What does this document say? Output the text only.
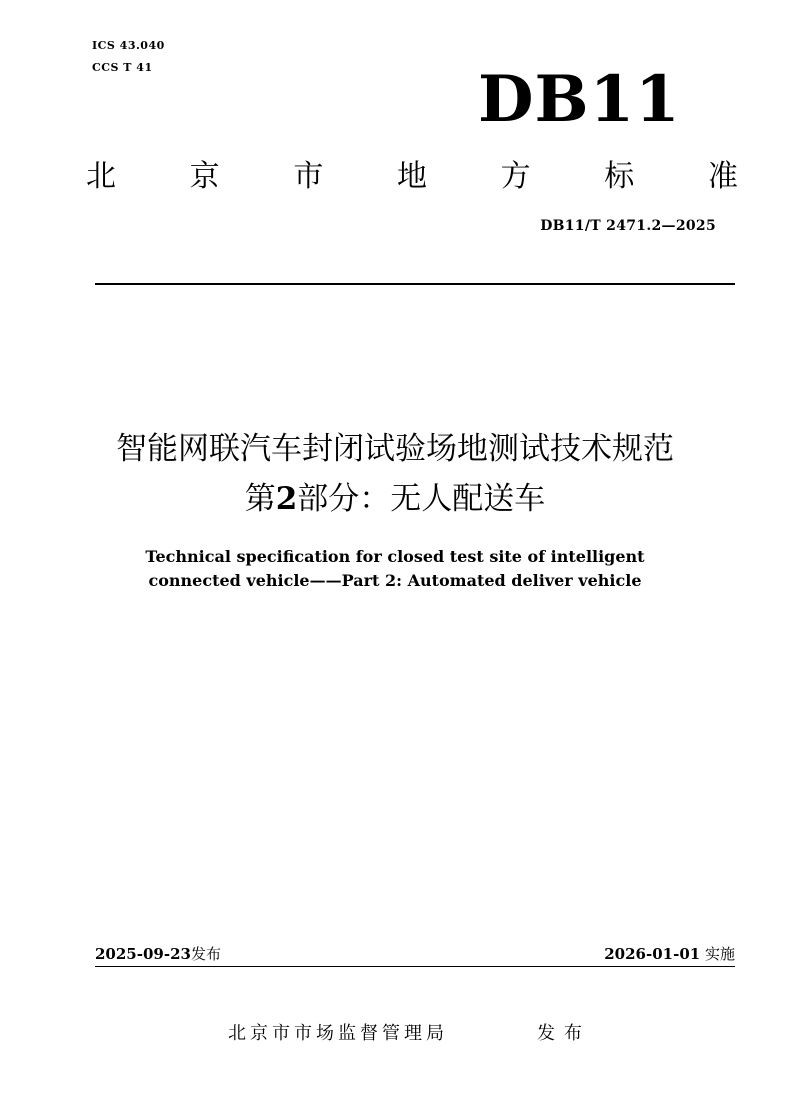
ICS 43.040
CCS T 41	DB11
北 京 市 地 方 标 准
DB11/T 2471.2—2025
智能网联汽车封闭试验场地测试技术规范
第2部分：无人配送车
Technical specification for closed test site of intelligent
connected vehicle——Part 2: Automated deliver vehicle
2025-09-23发布	2026-01-01 实施
北京市市场监督管理局	发布
